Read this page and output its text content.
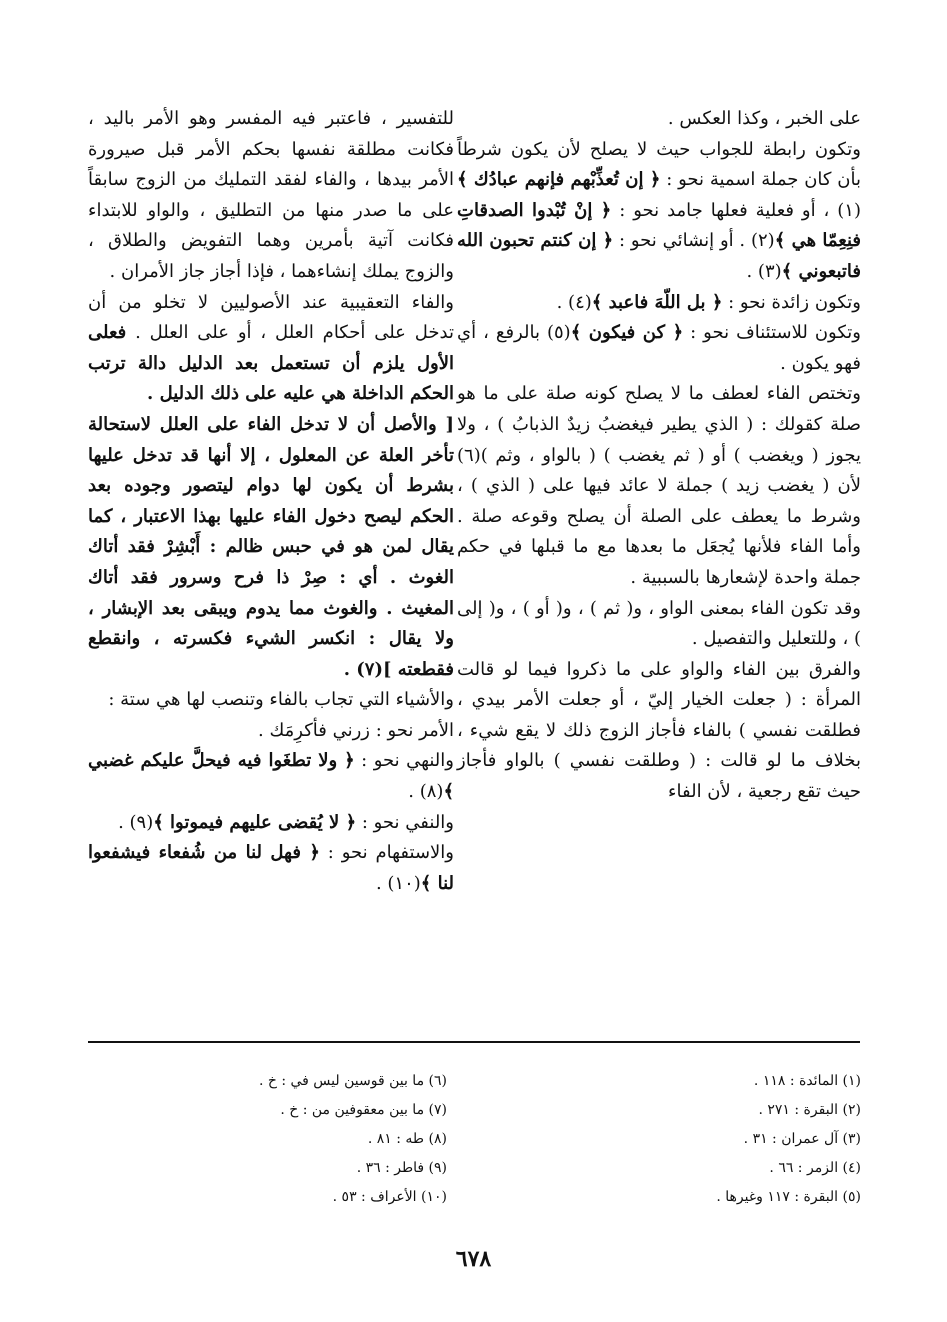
على الخبر ، وكذا العكس .

وتكون رابطة للجواب حيث لا يصلح لأن يكون شرطاً بأن كان جملة اسمية نحو : ﴿ إن تُعذِّبْهم فإنهم عبادُك ﴾(١) ، أو فعلية فعلها جامد نحو : ﴿ إنْ تُبْدوا الصدقاتِ فنِعِمّا هي ﴾(٢) . أو إنشائي نحو : ﴿ إن كنتم تحبون الله فاتبعوني ﴾(٣) .

وتكون زائدة نحو : ﴿ بل اللّهَ فاعبد ﴾(٤) .

وتكون للاستئناف نحو : ﴿ كن فيكون ﴾(٥) بالرفع ، أي فهو يكون .

وتختص الفاء لعطف ما لا يصلح كونه صلة على ما هو صلة كقولك : ( الذي يطير فيغضبُ زيدٌ الذبابُ ) ، ولا يجوز ( ويغضب ) أو ( ثم يغضب ) ( بالواو ، وثم )(٦) لأن ( يغضب زيد ) جملة لا عائد فيها على ( الذي ) ، وشرط ما يعطف على الصلة أن يصلح وقوعه صلة . وأما الفاء فلأنها يُجعَل ما بعدها مع ما قبلها في حكم جملة واحدة لإشعارها بالسببية .

وقد تكون الفاء بمعنى الواو ، و( ثم ) ، و( أو ) ، و( إلى ) ، وللتعليل والتفصيل .

والفرق بين الفاء والواو على ما ذكروا فيما لو قالت المرأة : ( جعلت الخيار إليّ ، أو جعلت الأمر بيدي ، فطلقت نفسي ) بالفاء فأجاز الزوج ذلك لا يقع شيء ، بخلاف ما لو قالت : ( وطلقت نفسي ) بالواو فأجاز حيث تقع رجعية ، لأن الفاء

للتفسير ، فاعتبر فيه المفسر وهو الأمر باليد ، فكانت مطلقة نفسها بحكم الأمر قبل صيرورة الأمر بيدها ، والفاء لفقد التمليك من الزوج سابقاً على ما صدر منها من التطليق ، والواو للابتداء فكانت آتية بأمرين وهما التفويض والطلاق ، والزوج يملك إنشاءهما ، فإذا أجاز جاز الأمران .

والفاء التعقيبية عند الأصوليين لا تخلو من أن تدخل على أحكام العلل ، أو على العلل . فعلى الأول يلزم أن تستعمل بعد الدليل دالة ترتب الحكم الداخلة هي عليه على ذلك الدليل .

[ والأصل أن لا تدخل الفاء على العلل لاستحالة تأخر العلة عن المعلول ، إلا أنها قد تدخل عليها بشرط أن يكون لها دوام ليتصور وجوده بعد الحكم ليصح دخول الفاء عليها بهذا الاعتبار ، كما يقال لمن هو في حبس ظالم : أَبْشِرْ فقد أتاك الغوث . أي : صِرْ ذا فرح وسرور فقد أتاك المغيث . والغوث مما يدوم ويبقى بعد الإبشار ، ولا يقال : انكسر الشيء فكسرته ، وانقطع فقطعته ](٧) .

والأشياء التي تجاب بالفاء وتنصب لها هي ستة :

الأمر نحو : زرني فأكرِمَك .

والنهي نحو : ﴿ ولا تطغَوا فيه فيحلَّ عليكم غضبي ﴾(٨) .

والنفي نحو : ﴿ لا يُقضى عليهم فيموتوا ﴾(٩) .

والاستفهام نحو : ﴿ فهل لنا من شُفعاء فيشفعوا لنا ﴾(١٠) .

(١) المائدة : ١١٨ .
(٢) البقرة : ٢٧١ .
(٣) آل عمران : ٣١ .
(٤) الزمر : ٦٦ .
(٥) البقرة : ١١٧ وغيرها .
(٦) ما بين قوسين ليس في : خ .
(٧) ما بين معقوفين من : خ .
(٨) طه : ٨١ .
(٩) فاطر : ٣٦ .
(١٠) الأعراف : ٥٣ .
٦٧٨
